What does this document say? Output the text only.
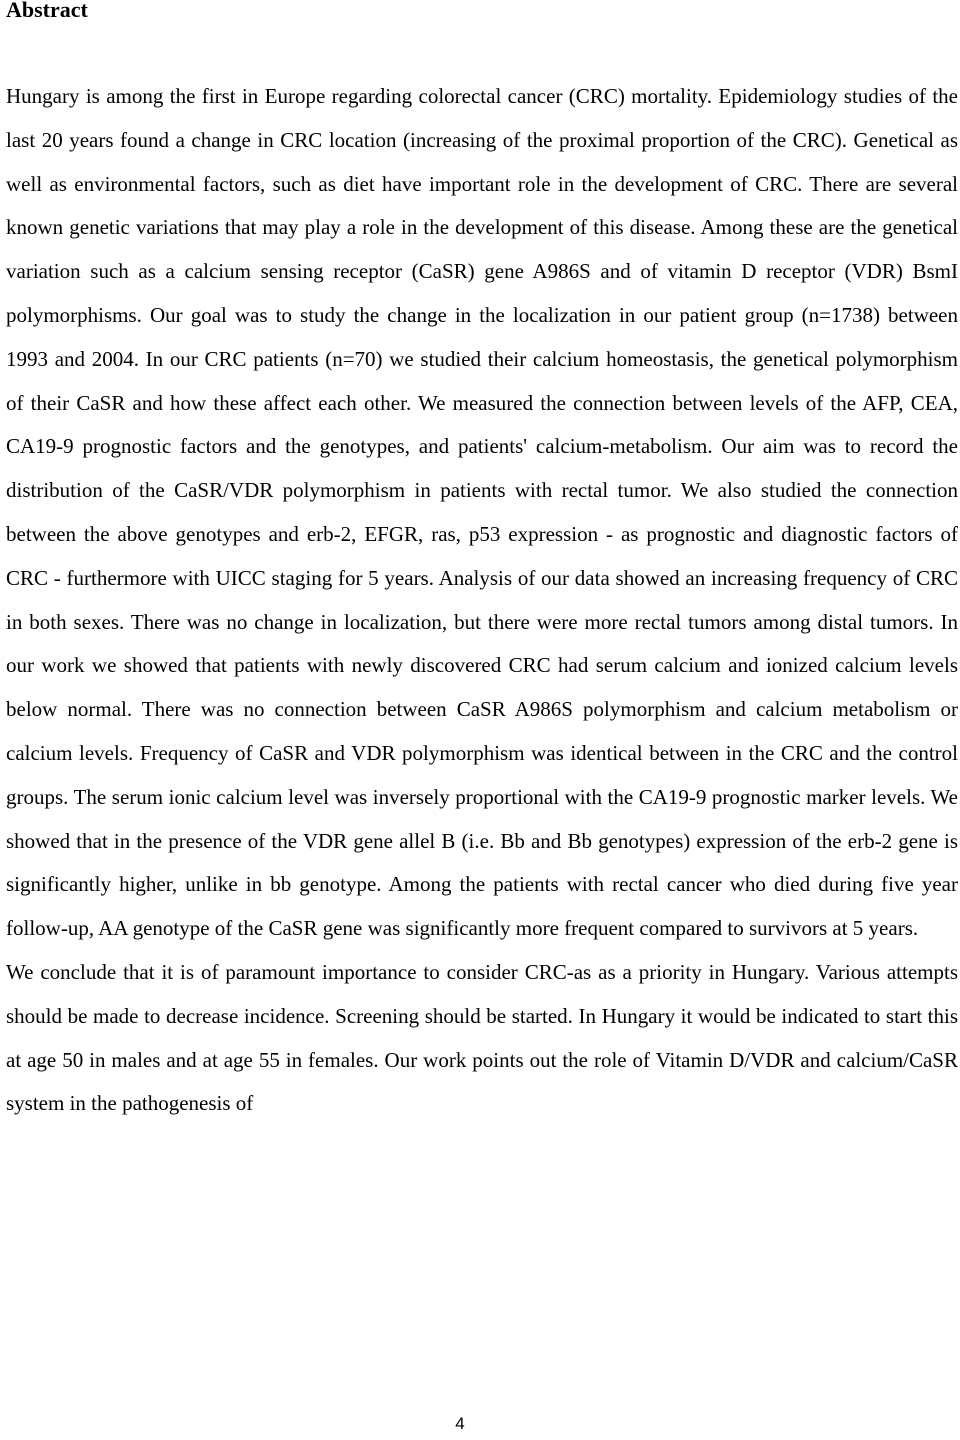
Abstract

Hungary is among the first in Europe regarding colorectal cancer (CRC) mortality. Epidemiology studies of the last 20 years found a change in CRC location (increasing of the proximal proportion of the CRC). Genetical as well as environmental factors, such as diet have important role in the development of CRC. There are several known genetic variations that may play a role in the development of this disease. Among these are the genetical variation such as a calcium sensing receptor (CaSR) gene A986S and of vitamin D receptor (VDR) BsmI polymorphisms. Our goal was to study the change in the localization in our patient group (n=1738) between 1993 and 2004. In our CRC patients (n=70) we studied their calcium homeostasis, the genetical polymorphism of their CaSR and how these affect each other. We measured the connection between levels of the AFP, CEA, CA19-9 prognostic factors and the genotypes, and patients' calcium-metabolism. Our aim was to record the distribution of the CaSR/VDR polymorphism in patients with rectal tumor. We also studied the connection between the above genotypes and erb-2, EFGR, ras, p53 expression - as prognostic and diagnostic factors of CRC - furthermore with UICC staging for 5 years. Analysis of our data showed an increasing frequency of CRC in both sexes. There was no change in localization, but there were more rectal tumors among distal tumors. In our work we showed that patients with newly discovered CRC had serum calcium and ionized calcium levels below normal. There was no connection between CaSR A986S polymorphism and calcium metabolism or calcium levels. Frequency of CaSR and VDR polymorphism was identical between in the CRC and the control groups. The serum ionic calcium level was inversely proportional with the CA19-9 prognostic marker levels. We showed that in the presence of the VDR gene allel B (i.e. Bb and Bb genotypes) expression of the erb-2 gene is significantly higher, unlike in bb genotype. Among the patients with rectal cancer who died during five year follow-up, AA genotype of the CaSR gene was significantly more frequent compared to survivors at 5 years.

We conclude that it is of paramount importance to consider CRC-as as a priority in Hungary. Various attempts should be made to decrease incidence. Screening should be started. In Hungary it would be indicated to start this at age 50 in males and at age 55 in females. Our work points out the role of Vitamin D/VDR and calcium/CaSR system in the pathogenesis of

4
